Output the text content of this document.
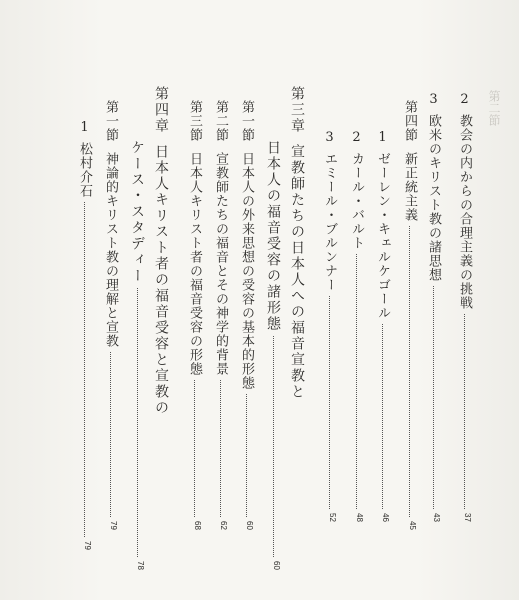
第二節
2
教会の内からの合理主義の挑戦
37
3
欧米のキリスト教の諸思想
43
第四節
新正統主義
45
1
ゼーレン・キェルケゴール
46
2
カール・バルト
48
3
エミール・ブルンナー
52
第三章
宣教師たちの日本人への福音宣教と
日本人の福音受容の諸形態
60
第一節
日本人の外来思想の受容の基本的形態
60
第二節
宣教師たちの福音とその神学的背景
62
第三節
日本人キリスト者の福音受容の形態
68
第四章
日本人キリスト者の福音受容と宣教の
ケース・スタディー
78
第一節
神論的キリスト教の理解と宣教
79
1
松村介石
79
